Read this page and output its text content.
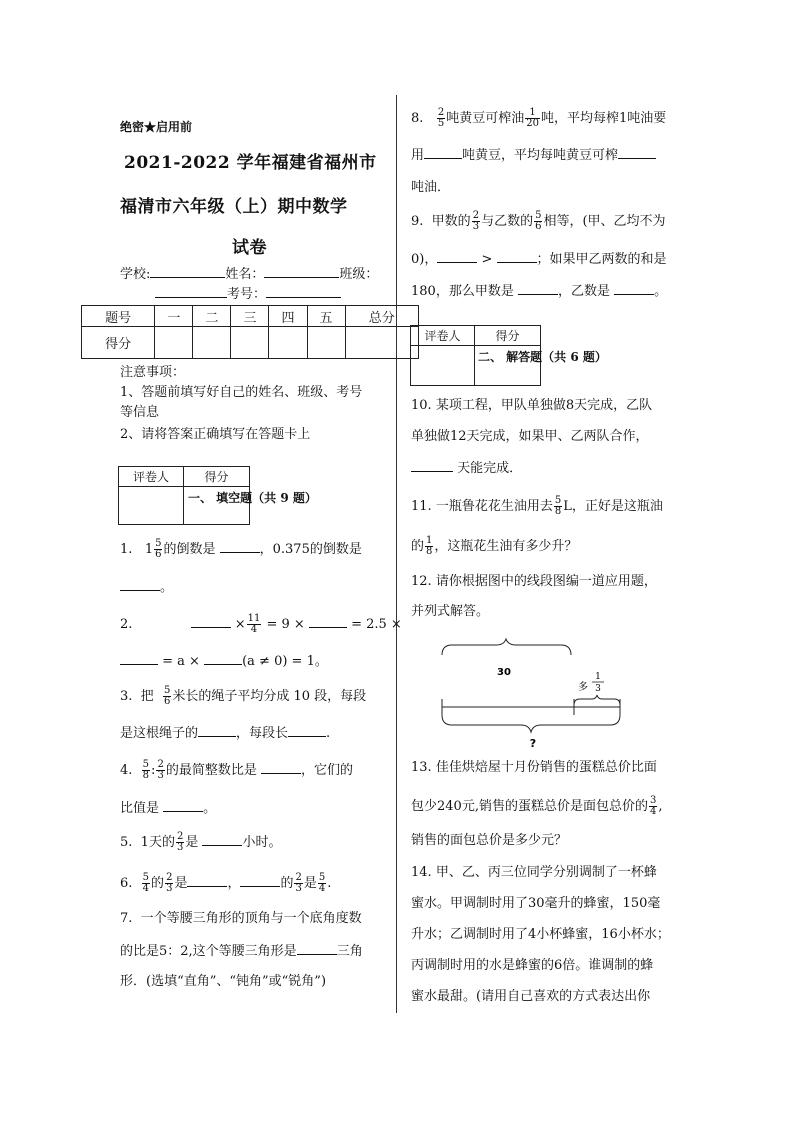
绝密★启用前
2021-2022 学年福建省福州市
福清市六年级（上）期中数学
试卷
学校:	姓名：	班级：
考号：
题号	一	二	三	四	五	总分
得分						
注意事项：
1、答题前填写好自己的姓名、班级、考号
等信息
2、请将答案正确填写在答题卡上
评卷人	得分

一、 填空题（共 9 题）
1. $1 \frac{5}{6}$ 的倒数是	，0.375的倒数是
。
2.	× $\frac{11}{4} = 9$ ×	= 2.5 ×
= a ×	(a ≠ 0) = 1。
3. 把 $\frac{5}{6}$ 米长的绳子平均分成 10 段，每段
是这根绳子的	，每段长	.
4. $\frac{5}{8}$ : $\frac{2}{3}$ 的最简整数比是	，它们的
比值是	。
5. 1天的 $\frac{2}{3}$ 是	小时。
6. $\frac{5}{4}$ 的 $\frac{2}{3}$ 是	，	的 $\frac{2}{3}$ 是 $\frac{5}{4}$ .
7. 一个等腰三角形的顶角与一个底角度数
的比是5：2,这个等腰三角形是	三角
形．(选填“直角”、“钝角”或“锐角”)
8. $\frac{2}{5}$ 吨黄豆可榨油 $\frac{1}{20}$ 吨，平均每榨1吨油要
用	吨黄豆，平均每吨黄豆可榨
吨油．
9. 甲数的 $\frac{2}{3}$ 与乙数的 $\frac{5}{6}$ 相等，(甲、乙均不为
0)，	>	；如果甲乙两数的和是
180，那么甲数是	，乙数是	。
评卷人	得分

二、 解答题（共 6 题）
10. 某项工程，甲队单独做8天完成，乙队
单独做12天完成，如果甲、乙两队合作，
天能完成．
11. 一瓶鲁花花生油用去 $\frac{5}{8}$ L，正好是这瓶油
的 $\frac{1}{8}$ ，这瓶花生油有多少升？
12. 请你根据图中的线段图编一道应用题，
并列式解答。
30
多
1
3
?
13. 佳佳烘焙屋十月份销售的蛋糕总价比面
包少240元,销售的蛋糕总价是面包总价的 $\frac{3}{4}$ ,
销售的面包总价是多少元？
14. 甲、乙、丙三位同学分别调制了一杯蜂
蜜水。甲调制时用了30毫升的蜂蜜，150毫
升水；乙调制时用了4小杯蜂蜜，16小杯水；
丙调制时用的水是蜂蜜的6倍。谁调制的蜂
蜜水最甜。(请用自己喜欢的方式表达出你
